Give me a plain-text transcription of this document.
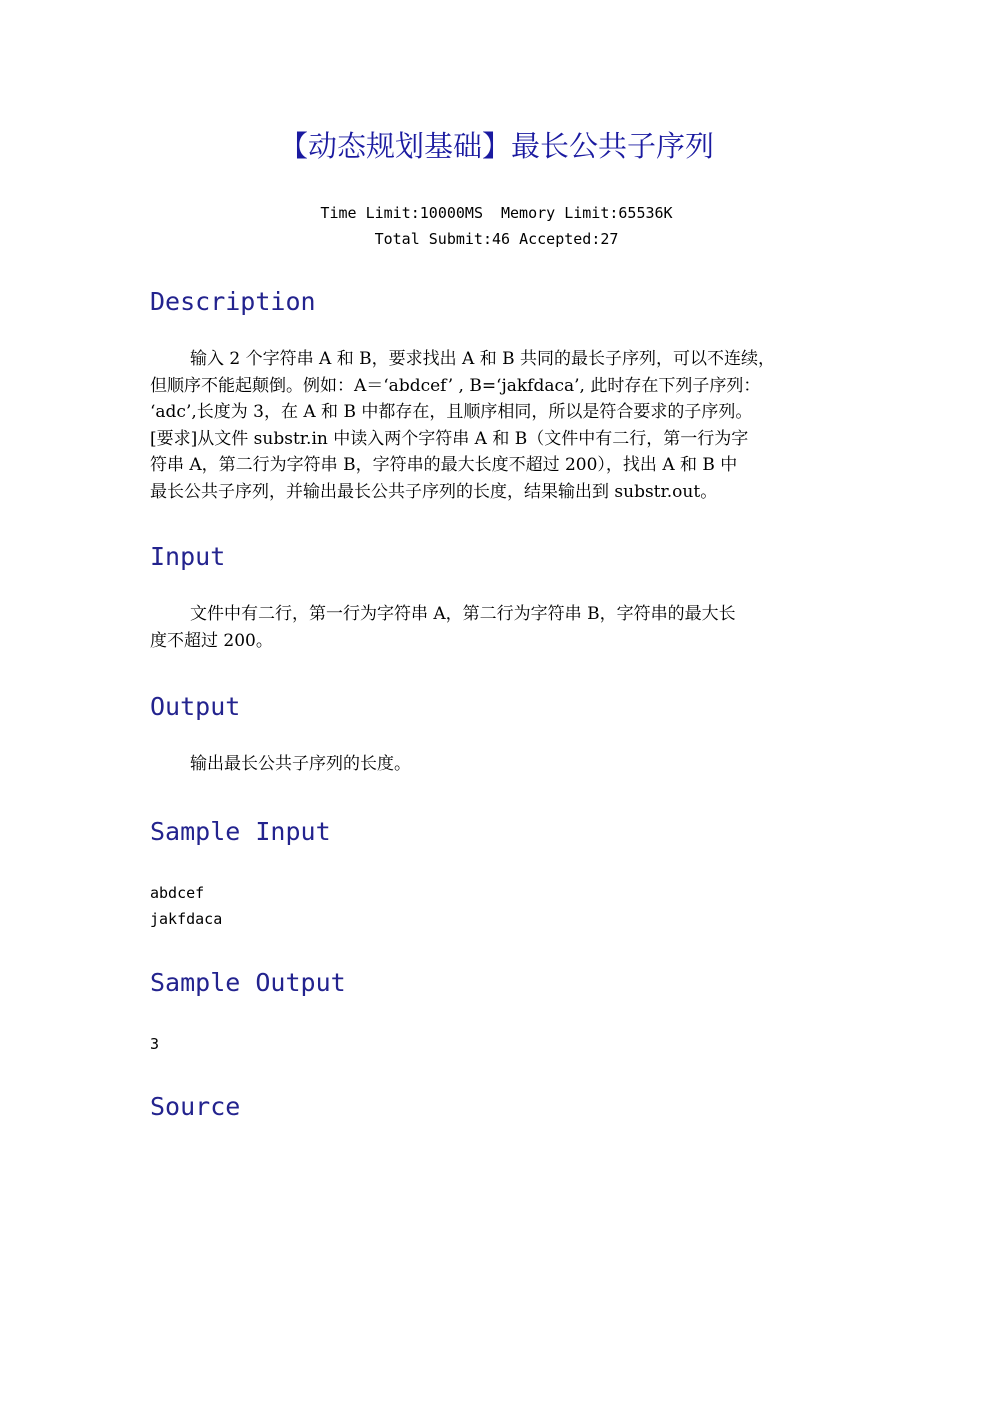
【动态规划基础】最长公共子序列
Time Limit:10000MS Memory Limit:65536K
Total Submit:46 Accepted:27
Description
输入 2 个字符串 A 和 B，要求找出 A 和 B 共同的最长子序列，可以不连续，
但顺序不能起颠倒。例如：A＝‘abdcef’ , B=‘jakfdaca’, 此时存在下列子序列：
‘adc’,长度为 3，在 A 和 B 中都存在，且顺序相同，所以是符合要求的子序列。
[要求]从文件 substr.in 中读入两个字符串 A 和 B（文件中有二行，第一行为字
符串 A，第二行为字符串 B，字符串的最大长度不超过 200），找出 A 和 B 中
最长公共子序列，并输出最长公共子序列的长度，结果输出到 substr.out。
Input
文件中有二行，第一行为字符串 A，第二行为字符串 B，字符串的最大长
度不超过 200。
Output
输出最长公共子序列的长度。
Sample Input
abdcef
jakfdaca
Sample Output
3
Source
